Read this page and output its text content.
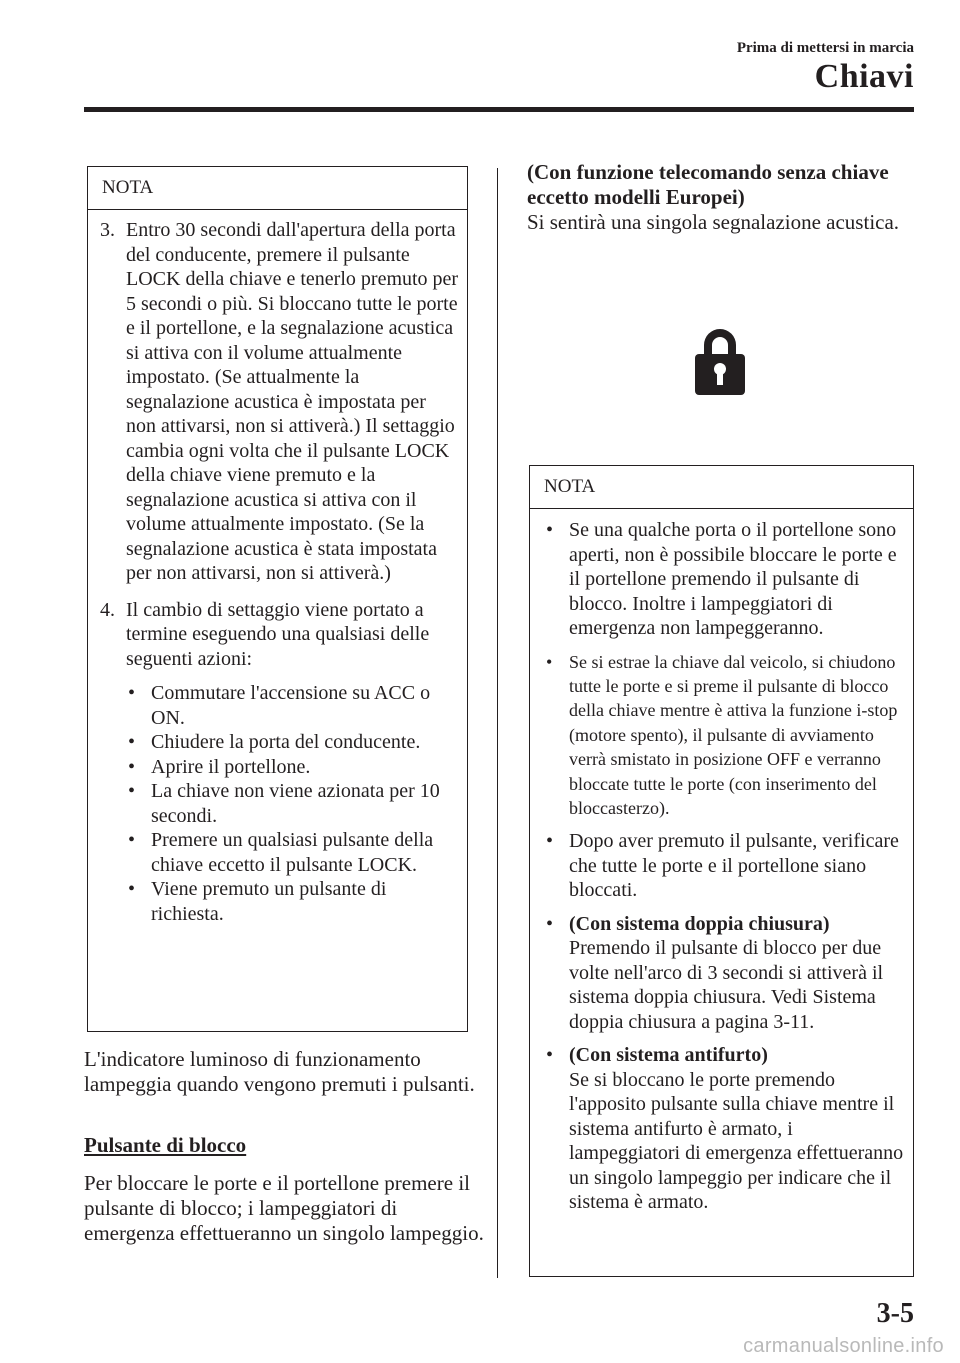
Prima di mettersi in marcia
Chiavi
NOTA
3. Entro 30 secondi dall'apertura della porta del conducente, premere il pulsante LOCK della chiave e tenerlo premuto per 5 secondi o più. Si bloccano tutte le porte e il portellone, e la segnalazione acustica si attiva con il volume attualmente impostato. (Se attualmente la segnalazione acustica è impostata per non attivarsi, non si attiverà.) Il settaggio cambia ogni volta che il pulsante LOCK della chiave viene premuto e la segnalazione acustica si attiva con il volume attualmente impostato. (Se la segnalazione acustica è stata impostata per non attivarsi, non si attiverà.)
4. Il cambio di settaggio viene portato a termine eseguendo una qualsiasi delle seguenti azioni:
• Commutare l'accensione su ACC o ON.
• Chiudere la porta del conducente.
• Aprire il portellone.
• La chiave non viene azionata per 10 secondi.
• Premere un qualsiasi pulsante della chiave eccetto il pulsante LOCK.
• Viene premuto un pulsante di richiesta.
L'indicatore luminoso di funzionamento lampeggia quando vengono premuti i pulsanti.
Pulsante di blocco
Per bloccare le porte e il portellone premere il pulsante di blocco; i lampeggiatori di emergenza effettueranno un singolo lampeggio.
(Con funzione telecomando senza chiave eccetto modelli Europei)
Si sentirà una singola segnalazione acustica.
NOTA
• Se una qualche porta o il portellone sono aperti, non è possibile bloccare le porte e il portellone premendo il pulsante di blocco. Inoltre i lampeggiatori di emergenza non lampeggeranno.
• Se si estrae la chiave dal veicolo, si chiudono tutte le porte e si preme il pulsante di blocco della chiave mentre è attiva la funzione i-stop (motore spento), il pulsante di avviamento verrà smistato in posizione OFF e verranno bloccate tutte le porte (con inserimento del bloccasterzo).
• Dopo aver premuto il pulsante, verificare che tutte le porte e il portellone siano bloccati.
• (Con sistema doppia chiusura)
Premendo il pulsante di blocco per due volte nell'arco di 3 secondi si attiverà il sistema doppia chiusura. Vedi Sistema doppia chiusura a pagina 3-11.
• (Con sistema antifurto)
Se si bloccano le porte premendo l'apposito pulsante sulla chiave mentre il sistema antifurto è armato, i lampeggiatori di emergenza effettueranno un singolo lampeggio per indicare che il sistema è armato.
3-5
carmanualsonline.info
